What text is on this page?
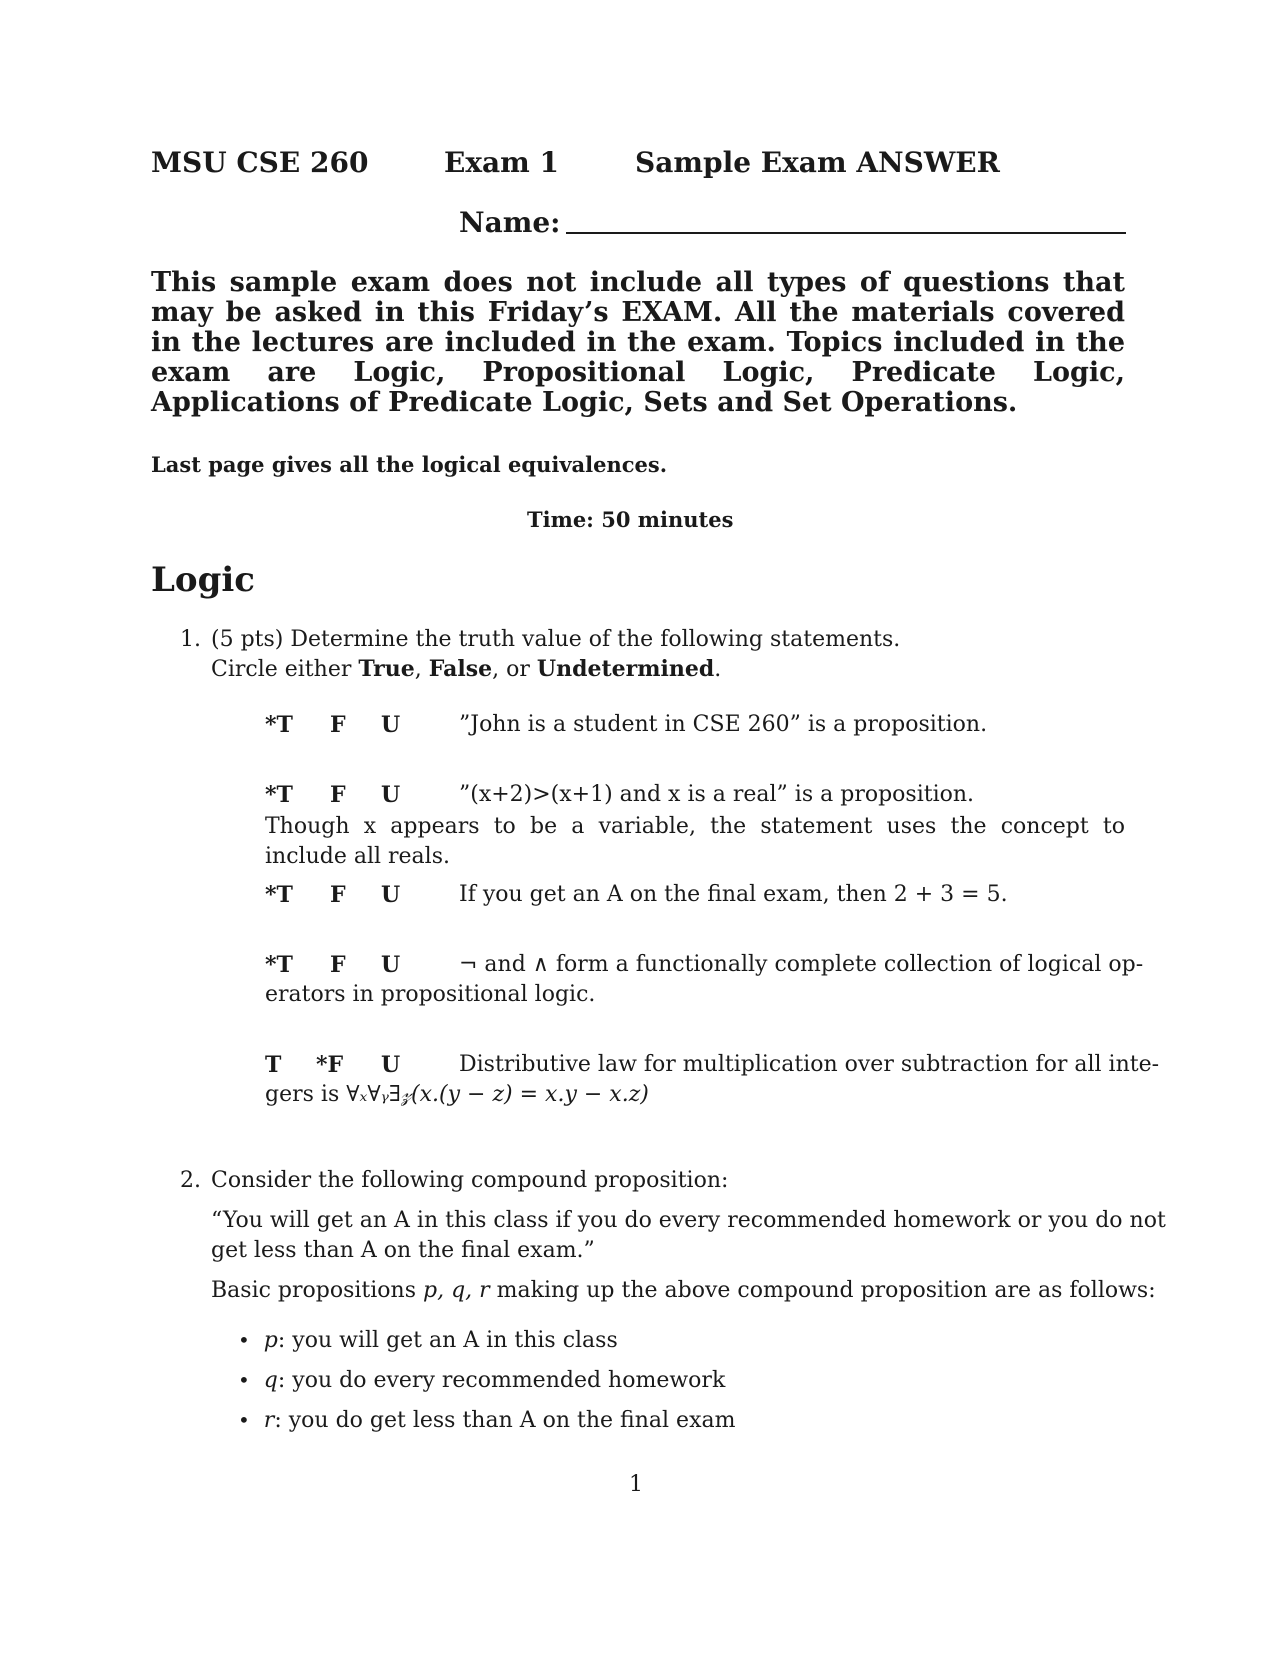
MSU CSE 260	Exam 1	Sample Exam ANSWER
Name:
This sample exam does not include all types of questions that may be asked in this Friday’s EXAM. All the materials covered in the lectures are included in the exam. Topics included in the exam are Logic, Propositional Logic, Predicate Logic, Applications of Predicate Logic, Sets and Set Operations.
Last page gives all the logical equivalences.
Time: 50 minutes
Logic
1. (5 pts) Determine the truth value of the following statements.
Circle either True, False, or Undetermined.
*T F U	”John is a student in CSE 260” is a proposition.
*T F U	”(x+2)>(x+1) and x is a real” is a proposition.
Though x appears to be a variable, the statement uses the concept to include all reals.
*T F U	If you get an A on the final exam, then 2 + 3 = 5.
*T F U	¬ and ∧ form a functionally complete collection of logical op-
erators in propositional logic.
T *F U	Distributive law for multiplication over subtraction for all inte-
gers is ∀ₓ∀ᵧ∃𝓏(x.(y − z) = x.y − x.z)
2. Consider the following compound proposition:
“You will get an A in this class if you do every recommended homework or you do not
get less than A on the final exam.”
Basic propositions p, q, r making up the above compound proposition are as follows:
• p: you will get an A in this class
• q: you do every recommended homework
• r: you do get less than A on the final exam
1
